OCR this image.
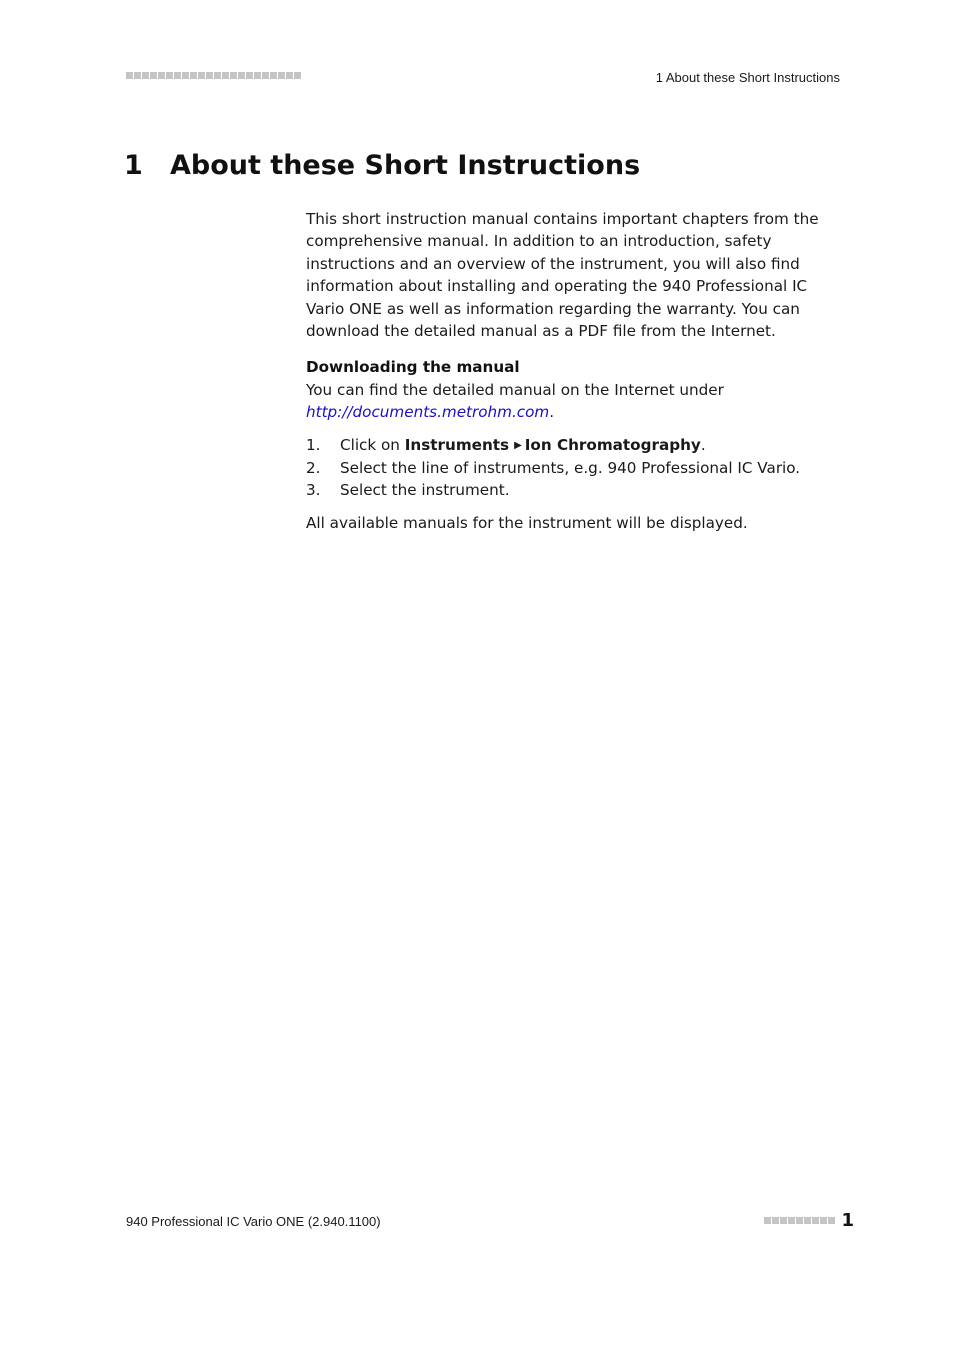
1 About these Short Instructions
1 About these Short Instructions

This short instruction manual contains important chapters from the comprehensive manual. In addition to an introduction, safety instructions and an overview of the instrument, you will also find information about installing and operating the 940 Professional IC Vario ONE as well as information regarding the warranty. You can download the detailed manual as a PDF file from the Internet.

Downloading the manual

You can find the detailed manual on the Internet under http://documents.metrohm.com.

1.	Click on Instruments ▶ Ion Chromatography.
2.	Select the line of instruments, e.g. 940 Professional IC Vario.
3.	Select the instrument.

All available manuals for the instrument will be displayed.

940 Professional IC Vario ONE (2.940.1100)	1
